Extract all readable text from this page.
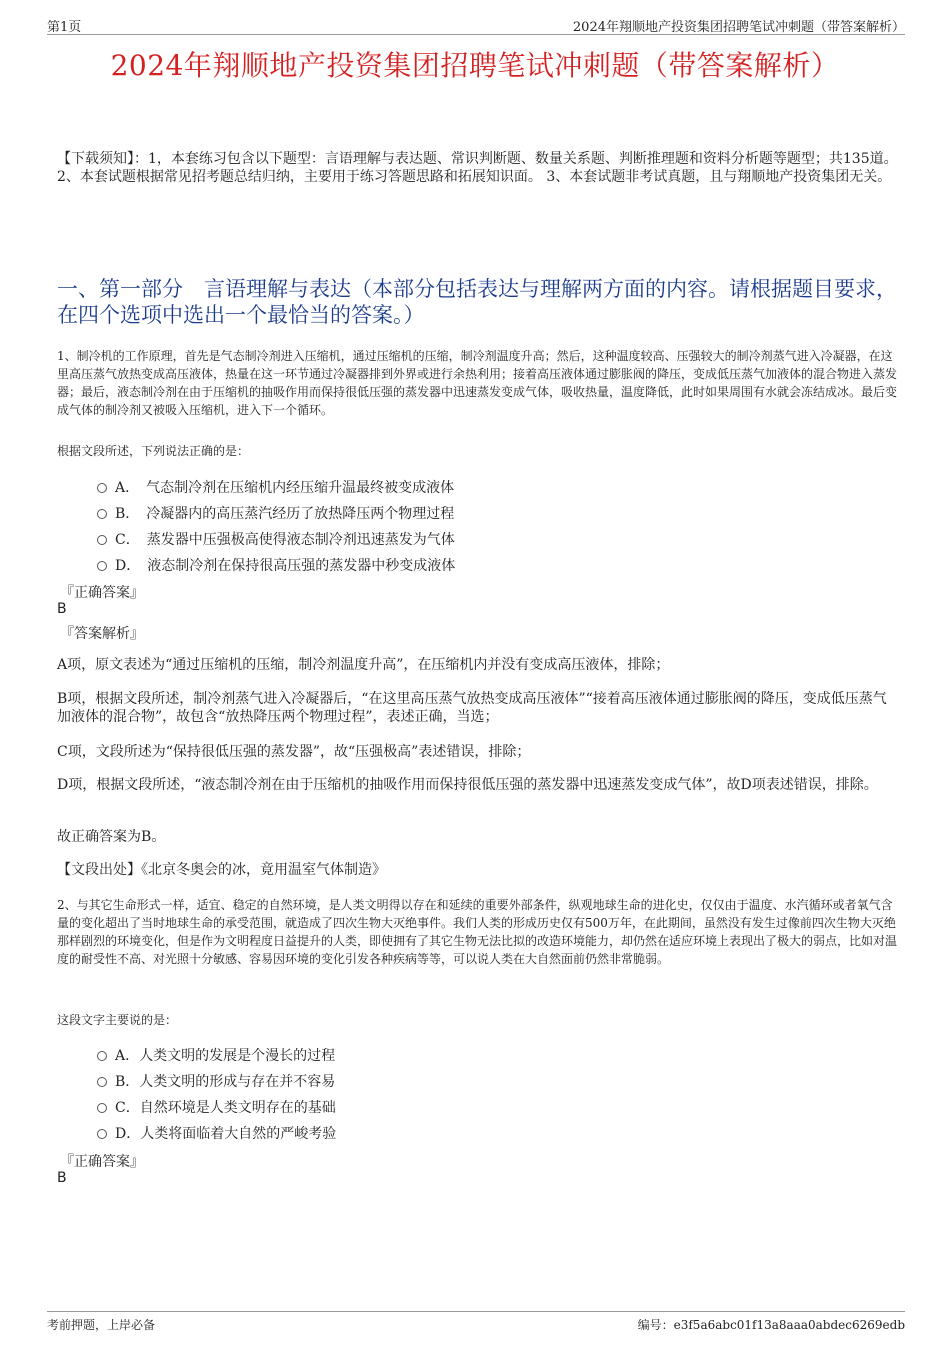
第1页	2024年翔顺地产投资集团招聘笔试冲刺题（带答案解析）
2024年翔顺地产投资集团招聘笔试冲刺题（带答案解析）
【下载须知】：1，本套练习包含以下题型：言语理解与表达题、常识判断题、数量关系题、判断推理题和资料分析题等题型；共135道。 2、本套试题根据常见招考题总结归纳，主要用于练习答题思路和拓展知识面。 3、本套试题非考试真题，且与翔顺地产投资集团无关。
一、第一部分　言语理解与表达（本部分包括表达与理解两方面的内容。请根据题目要求，在四个选项中选出一个最恰当的答案。）
1、制冷机的工作原理，首先是气态制冷剂进入压缩机，通过压缩机的压缩，制冷剂温度升高；然后，这种温度较高、压强较大的制冷剂蒸气进入冷凝器，在这里高压蒸气放热变成高压液体，热量在这一环节通过冷凝器排到外界或进行余热利用；接着高压液体通过膨胀阀的降压，变成低压蒸气加液体的混合物进入蒸发器；最后，液态制冷剂在由于压缩机的抽吸作用而保持很低压强的蒸发器中迅速蒸发变成气体，吸收热量，温度降低，此时如果周围有水就会冻结成冰。最后变成气体的制冷剂又被吸入压缩机，进入下一个循环。
根据文段所述，下列说法正确的是：
A．　气态制冷剂在压缩机内经压缩升温最终被变成液体
B．　冷凝器内的高压蒸汽经历了放热降压两个物理过程
C．　蒸发器中压强极高使得液态制冷剂迅速蒸发为气体
D．　液态制冷剂在保持很高压强的蒸发器中秒变成液体
『正确答案』
B
『答案解析』
A项，原文表述为“通过压缩机的压缩，制冷剂温度升高”，在压缩机内并没有变成高压液体，排除；
B项，根据文段所述，制冷剂蒸气进入冷凝器后，“在这里高压蒸气放热变成高压液体”“接着高压液体通过膨胀阀的降压，变成低压蒸气加液体的混合物”，故包含“放热降压两个物理过程”，表述正确，当选；
C项，文段所述为“保持很低压强的蒸发器”，故“压强极高”表述错误，排除；
D项，根据文段所述，“液态制冷剂在由于压缩机的抽吸作用而保持很低压强的蒸发器中迅速蒸发变成气体”，故D项表述错误，排除。
故正确答案为B。
【文段出处】《北京冬奥会的冰，竟用温室气体制造》
2、与其它生命形式一样，适宜、稳定的自然环境，是人类文明得以存在和延续的重要外部条件，纵观地球生命的进化史，仅仅由于温度、水汽循环或者氧气含量的变化超出了当时地球生命的承受范围，就造成了四次生物大灭绝事件。我们人类的形成历史仅有500万年，在此期间，虽然没有发生过像前四次生物大灭绝那样剧烈的环境变化，但是作为文明程度日益提升的人类，即使拥有了其它生物无法比拟的改造环境能力，却仍然在适应环境上表现出了极大的弱点，比如对温度的耐受性不高、对光照十分敏感、容易因环境的变化引发各种疾病等等，可以说人类在大自然面前仍然非常脆弱。
这段文字主要说的是：
A．人类文明的发展是个漫长的过程
B．人类文明的形成与存在并不容易
C．自然环境是人类文明存在的基础
D．人类将面临着大自然的严峻考验
『正确答案』
B
考前押题，上岸必备	编号：e3f5a6abc01f13a8aaa0abdec6269edb
